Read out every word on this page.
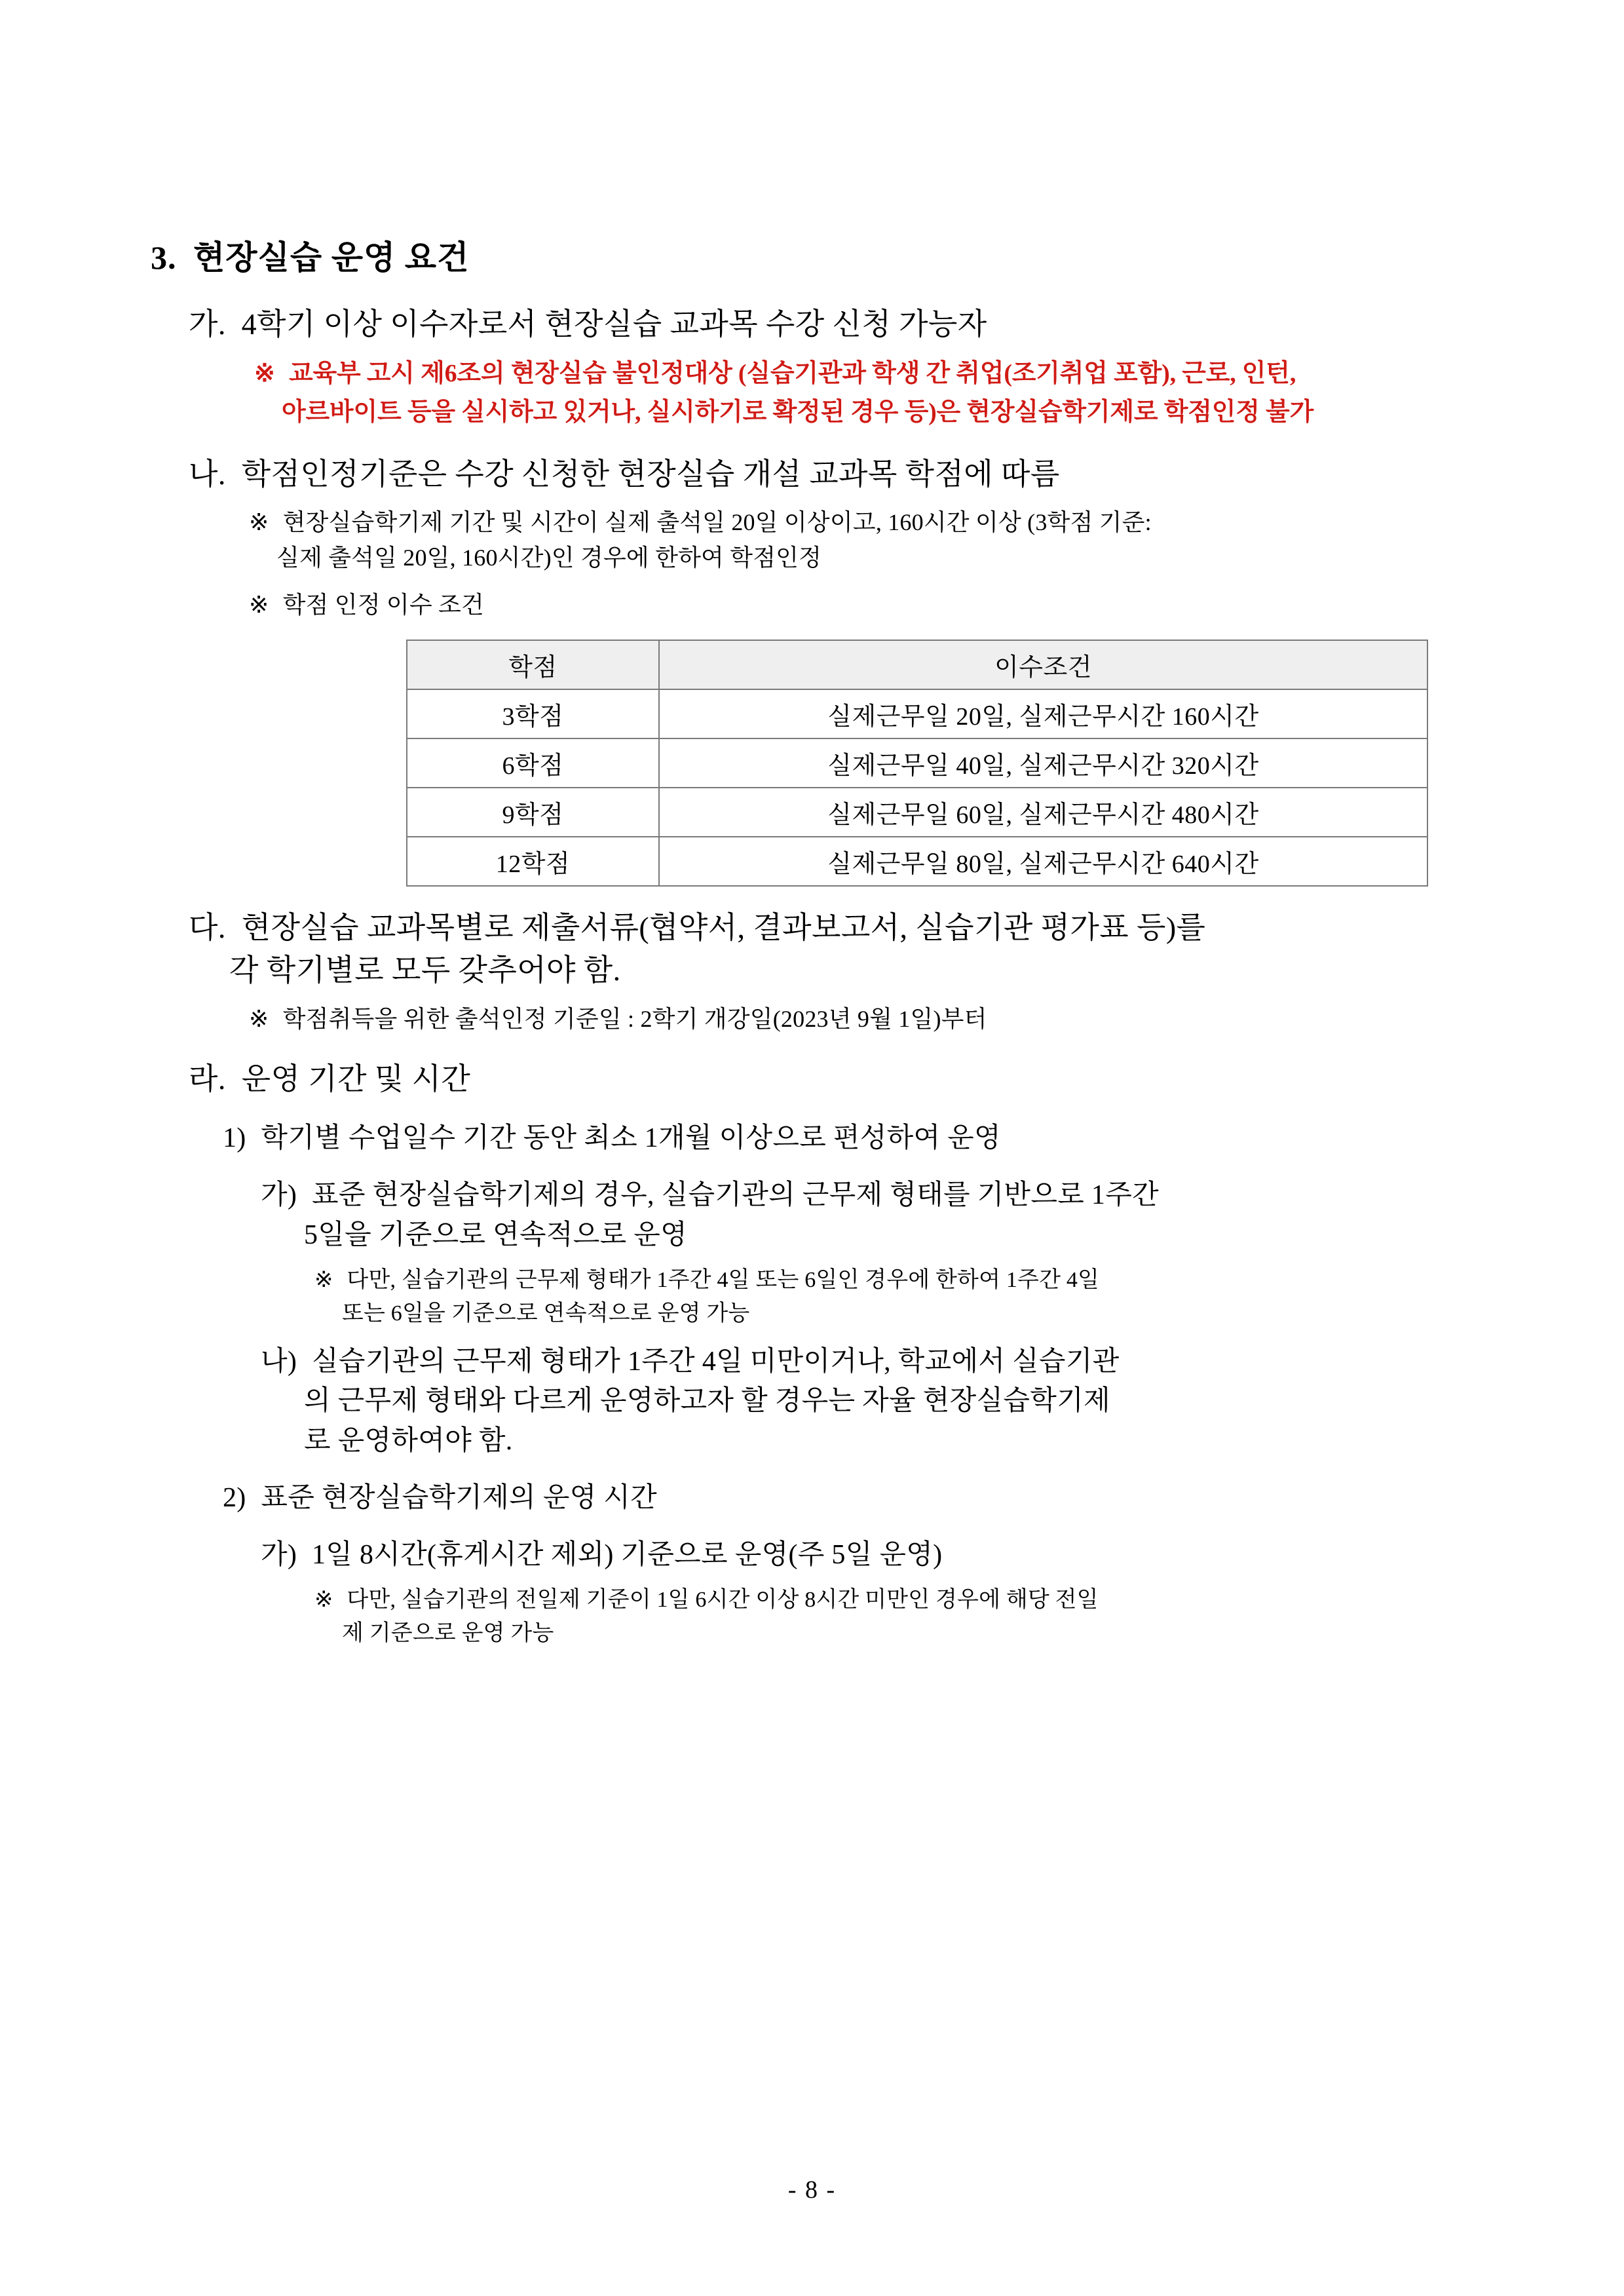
3. 현장실습 운영 요건
가. 4학기 이상 이수자로서 현장실습 교과목 수강 신청 가능자
※ 교육부 고시 제6조의 현장실습 불인정대상 (실습기관과 학생 간 취업(조기취업 포함), 근로, 인턴,
아르바이트 등을 실시하고 있거나, 실시하기로 확정된 경우 등)은 현장실습학기제로 학점인정 불가
나. 학점인정기준은 수강 신청한 현장실습 개설 교과목 학점에 따름
※ 현장실습학기제 기간 및 시간이 실제 출석일 20일 이상이고, 160시간 이상 (3학점 기준:
실제 출석일 20일, 160시간)인 경우에 한하여 학점인정
※ 학점 인정 이수 조건
학점	이수조건
3학점	실제근무일 20일, 실제근무시간 160시간
6학점	실제근무일 40일, 실제근무시간 320시간
9학점	실제근무일 60일, 실제근무시간 480시간
12학점	실제근무일 80일, 실제근무시간 640시간
다. 현장실습 교과목별로 제출서류(협약서, 결과보고서, 실습기관 평가표 등)를
각 학기별로 모두 갖추어야 함.
※ 학점취득을 위한 출석인정 기준일 : 2학기 개강일(2023년 9월 1일)부터
라. 운영 기간 및 시간
1) 학기별 수업일수 기간 동안 최소 1개월 이상으로 편성하여 운영
가) 표준 현장실습학기제의 경우, 실습기관의 근무제 형태를 기반으로 1주간
5일을 기준으로 연속적으로 운영
※ 다만, 실습기관의 근무제 형태가 1주간 4일 또는 6일인 경우에 한하여 1주간 4일
또는 6일을 기준으로 연속적으로 운영 가능
나) 실습기관의 근무제 형태가 1주간 4일 미만이거나, 학교에서 실습기관
의 근무제 형태와 다르게 운영하고자 할 경우는 자율 현장실습학기제
로 운영하여야 함.
2) 표준 현장실습학기제의 운영 시간
가) 1일 8시간(휴게시간 제외) 기준으로 운영(주 5일 운영)
※ 다만, 실습기관의 전일제 기준이 1일 6시간 이상 8시간 미만인 경우에 해당 전일
제 기준으로 운영 가능
- 8 -
